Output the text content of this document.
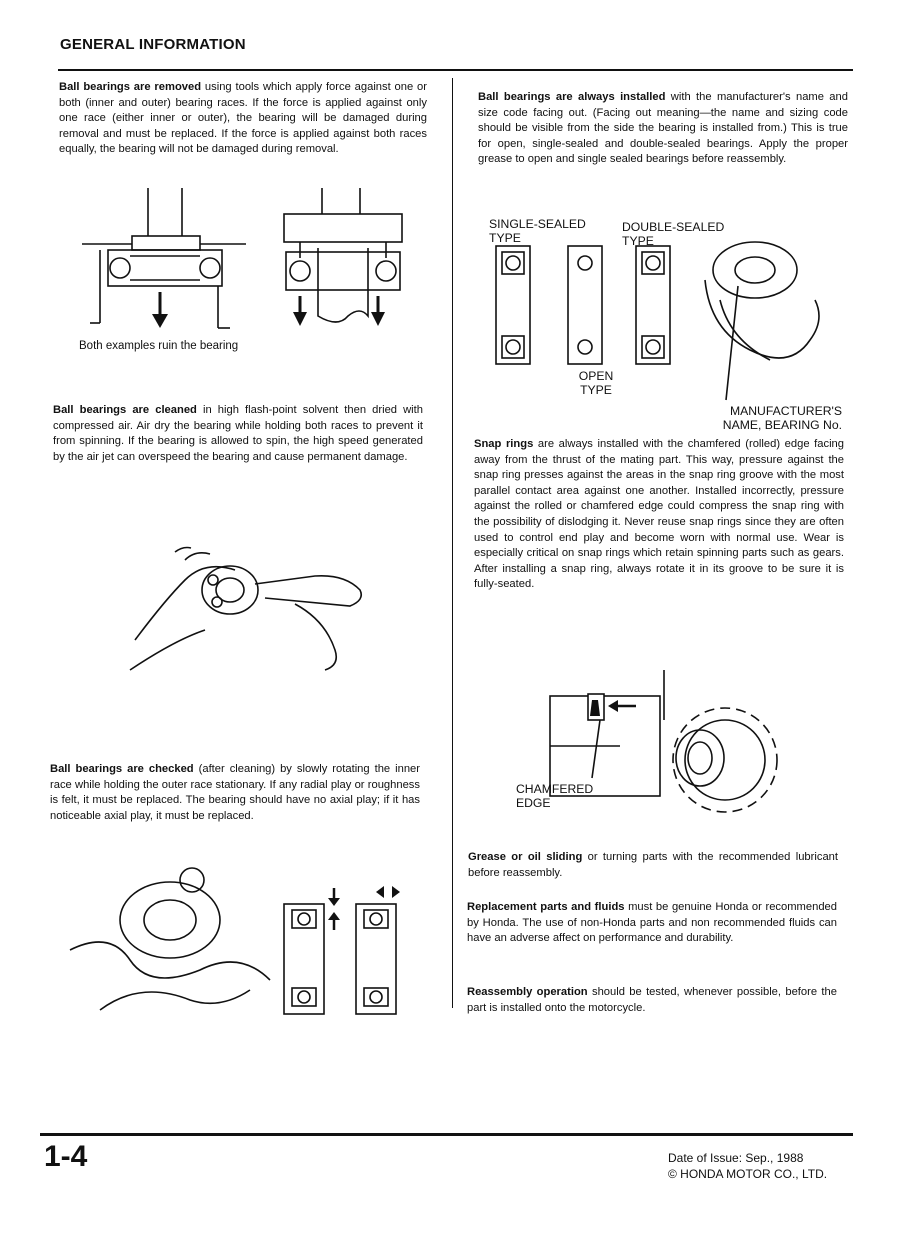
GENERAL INFORMATION
Ball bearings are removed using tools which apply force against one or both (inner and outer) bearing races. If the force is applied against only one race (either inner or outer), the bearing will be damaged during removal and must be replaced. If the force is applied against both races equally, the bearing will not be damaged during removal.
Both examples ruin the bearing
Ball bearings are cleaned in high flash-point solvent then dried with compressed air. Air dry the bearing while holding both races to prevent it from spinning. If the bearing is allowed to spin, the high speed generated by the air jet can overspeed the bearing and cause permanent damage.
Ball bearings are checked (after cleaning) by slowly rotating the inner race while holding the outer race stationary. If any radial play or roughness is felt, it must be replaced. The bearing should have no axial play; if it has noticeable axial play, it must be replaced.
Ball bearings are always installed with the manufacturer's name and size code facing out. (Facing out meaning—the name and sizing code should be visible from the side the bearing is installed from.) This is true for open, single-sealed and double-sealed bearings. Apply the proper grease to open and single sealed bearings before reassembly.
SINGLE-SEALED TYPE
DOUBLE-SEALED TYPE
OPEN TYPE
MANUFACTURER'S NAME, BEARING No.
Snap rings are always installed with the chamfered (rolled) edge facing away from the thrust of the mating part. This way, pressure against the snap ring presses against the areas in the snap ring groove with the most parallel contact area against one another. Installed incorrectly, pressure against the rolled or chamfered edge could compress the snap ring with the possibility of dislodging it. Never reuse snap rings since they are often used to control end play and become worn with normal use. Wear is especially critical on snap rings which retain spinning parts such as gears. After installing a snap ring, always rotate it in its groove to be sure it is fully-seated.
CHAMFERED EDGE
Grease or oil sliding or turning parts with the recommended lubricant before reassembly.
Replacement parts and fluids must be genuine Honda or recommended by Honda. The use of non-Honda parts and non recommended fluids can have an adverse affect on performance and durability.
Reassembly operation should be tested, whenever possible, before the part is installed onto the motorcycle.
1-4	Date of Issue: Sep., 1988
© HONDA MOTOR CO., LTD.
